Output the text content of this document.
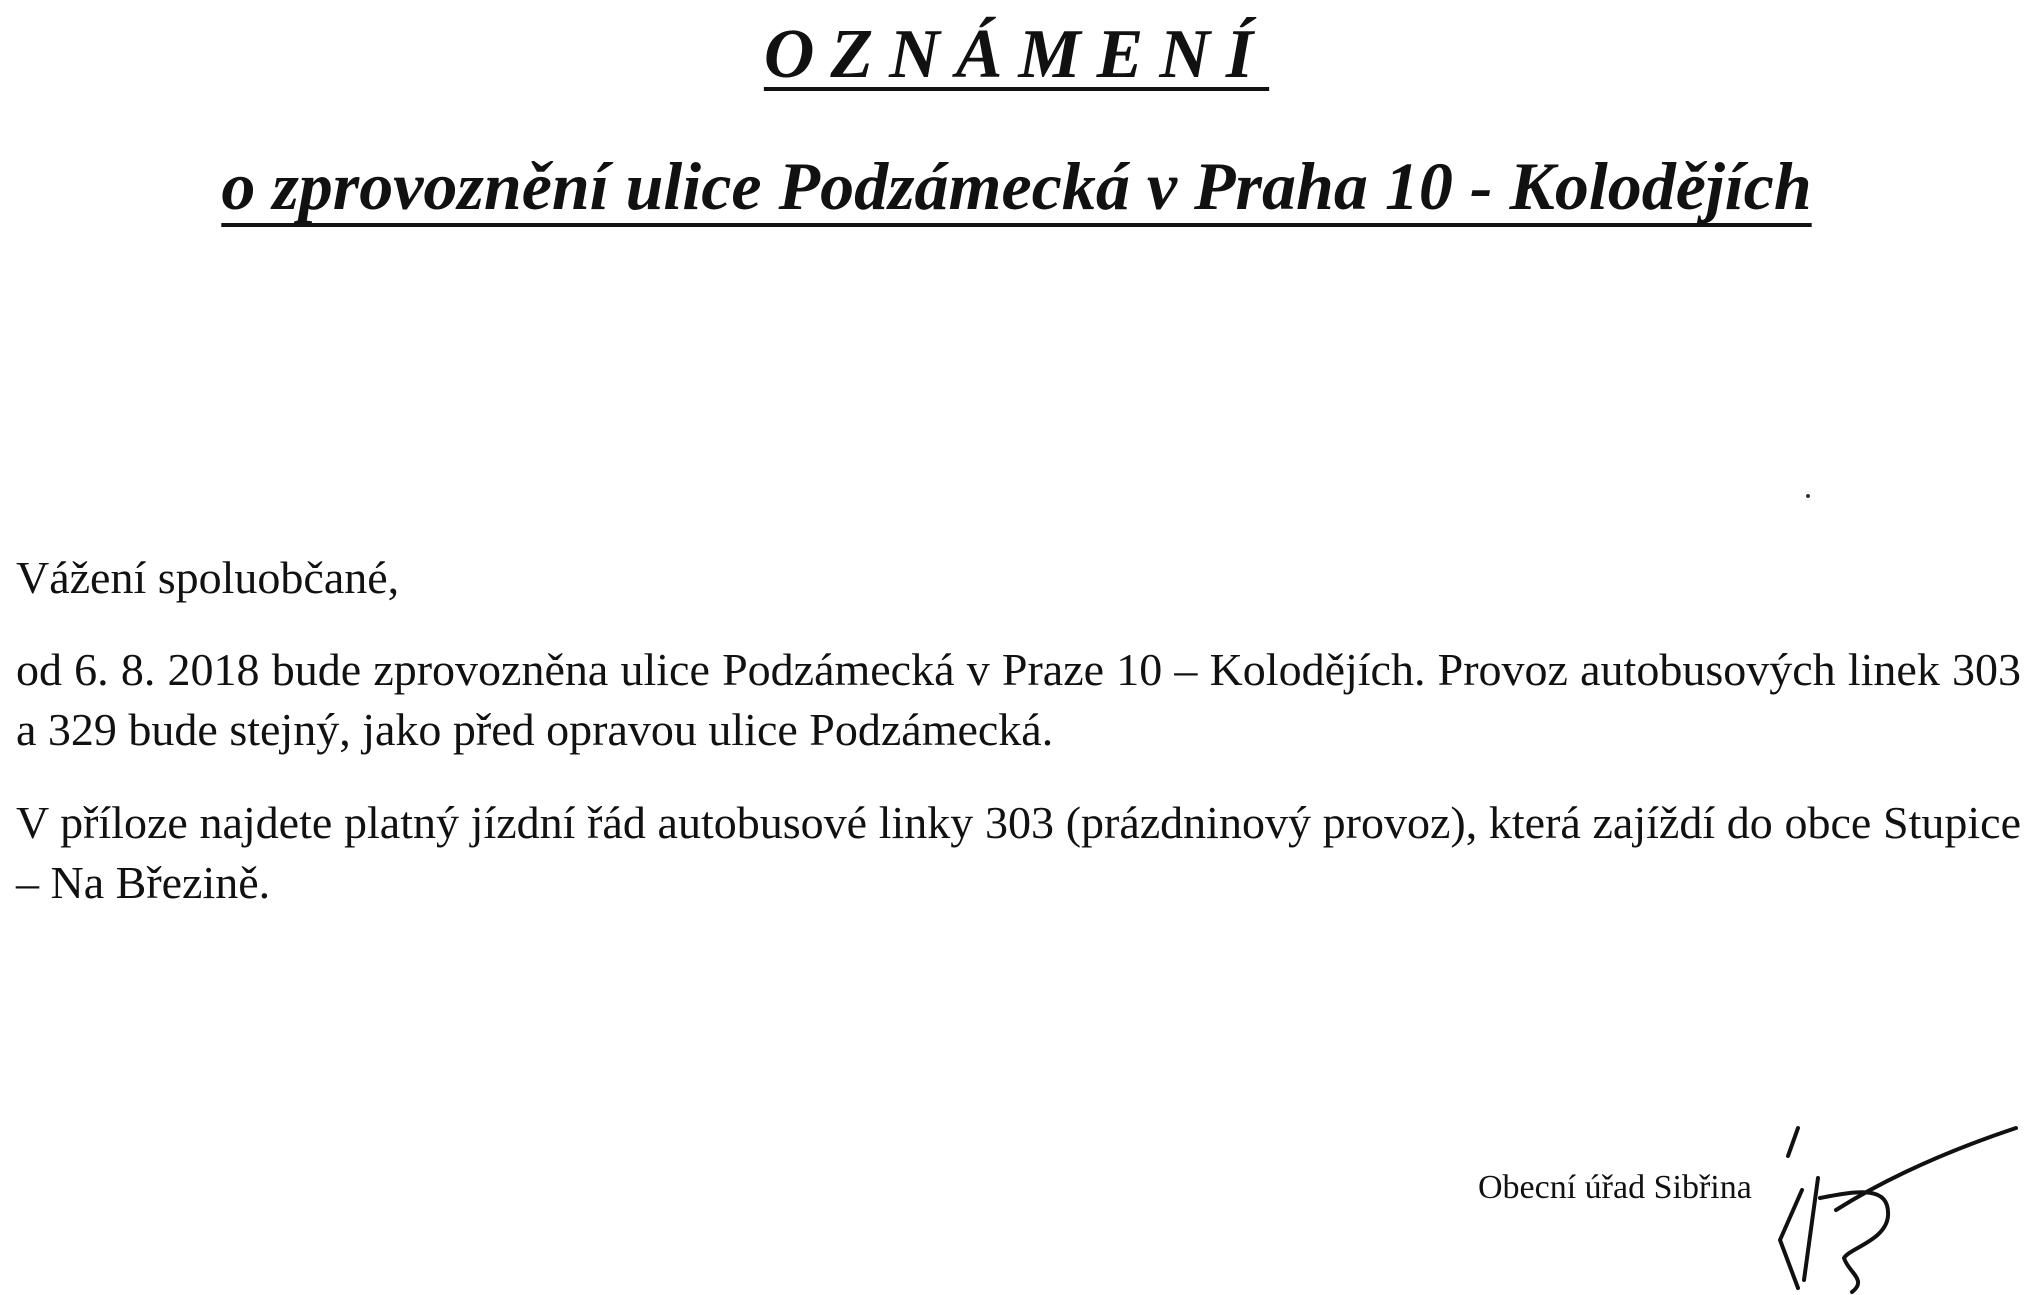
OZNÁMENÍ
o zprovoznění ulice Podzámecká v Praha 10 - Kolodějích
Vážení spoluobčané,
od 6. 8. 2018 bude zprovozněna ulice Podzámecká v Praze 10 – Kolodějích. Provoz autobusových linek 303 a 329 bude stejný, jako před opravou ulice Podzámecká.
V příloze najdete platný jízdní řád autobusové linky 303 (prázdninový provoz), která zajíždí do obce Stupice – Na Březině.
Obecní úřad Sibřina
